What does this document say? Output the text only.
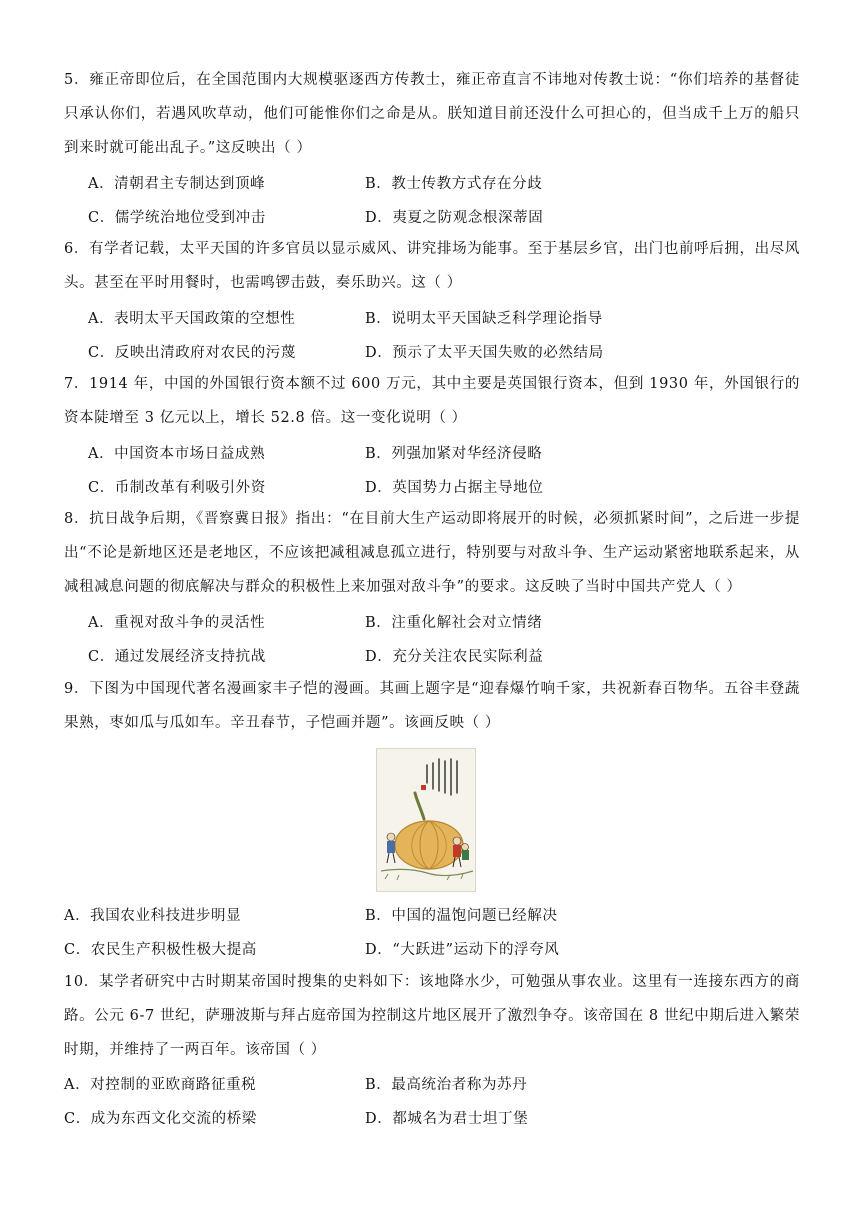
5．雍正帝即位后，在全国范围内大规模驱逐西方传教士，雍正帝直言不讳地对传教士说：“你们培养的基督徒只承认你们，若遇风吹草动，他们可能惟你们之命是从。朕知道目前还没什么可担心的，但当成千上万的船只到来时就可能出乱子。”这反映出（ ）

A．清朝君主专制达到顶峰	B．教士传教方式存在分歧
C．儒学统治地位受到冲击	D．夷夏之防观念根深蒂固

6．有学者记载，太平天国的许多官员以显示威风、讲究排场为能事。至于基层乡官，出门也前呼后拥，出尽风头。甚至在平时用餐时，也需鸣锣击鼓，奏乐助兴。这（ ）

A．表明太平天国政策的空想性	B．说明太平天国缺乏科学理论指导
C．反映出清政府对农民的污蔑	D．预示了太平天国失败的必然结局

7．1914 年，中国的外国银行资本额不过 600 万元，其中主要是英国银行资本，但到 1930 年，外国银行的资本陡增至 3 亿元以上，增长 52.8 倍。这一变化说明（ ）

A．中国资本市场日益成熟	B．列强加紧对华经济侵略
C．币制改革有利吸引外资	D．英国势力占据主导地位

8．抗日战争后期，《晋察冀日报》指出：“在目前大生产运动即将展开的时候，必须抓紧时间”，之后进一步提出“不论是新地区还是老地区，不应该把减租减息孤立进行，特别要与对敌斗争、生产运动紧密地联系起来，从减租减息问题的彻底解决与群众的积极性上来加强对敌斗争”的要求。这反映了当时中国共产党人（ ）

A．重视对敌斗争的灵活性	B．注重化解社会对立情绪
C．通过发展经济支持抗战	D．充分关注农民实际利益

9．下图为中国现代著名漫画家丰子恺的漫画。其画上题字是“迎春爆竹响千家，共祝新春百物华。五谷丰登蔬果熟，枣如瓜与瓜如车。辛丑春节，子恺画并题”。该画反映（ ）

A．我国农业科技进步明显	B．中国的温饱问题已经解决
C．农民生产积极性极大提高	D．“大跃进”运动下的浮夸风

10．某学者研究中古时期某帝国时搜集的史料如下：该地降水少，可勉强从事农业。这里有一连接东西方的商路。公元 6-7 世纪，萨珊波斯与拜占庭帝国为控制这片地区展开了激烈争夺。该帝国在 8 世纪中期后进入繁荣时期，并维持了一两百年。该帝国（ ）

A．对控制的亚欧商路征重税	B．最高统治者称为苏丹
C．成为东西文化交流的桥梁	D．都城名为君士坦丁堡
